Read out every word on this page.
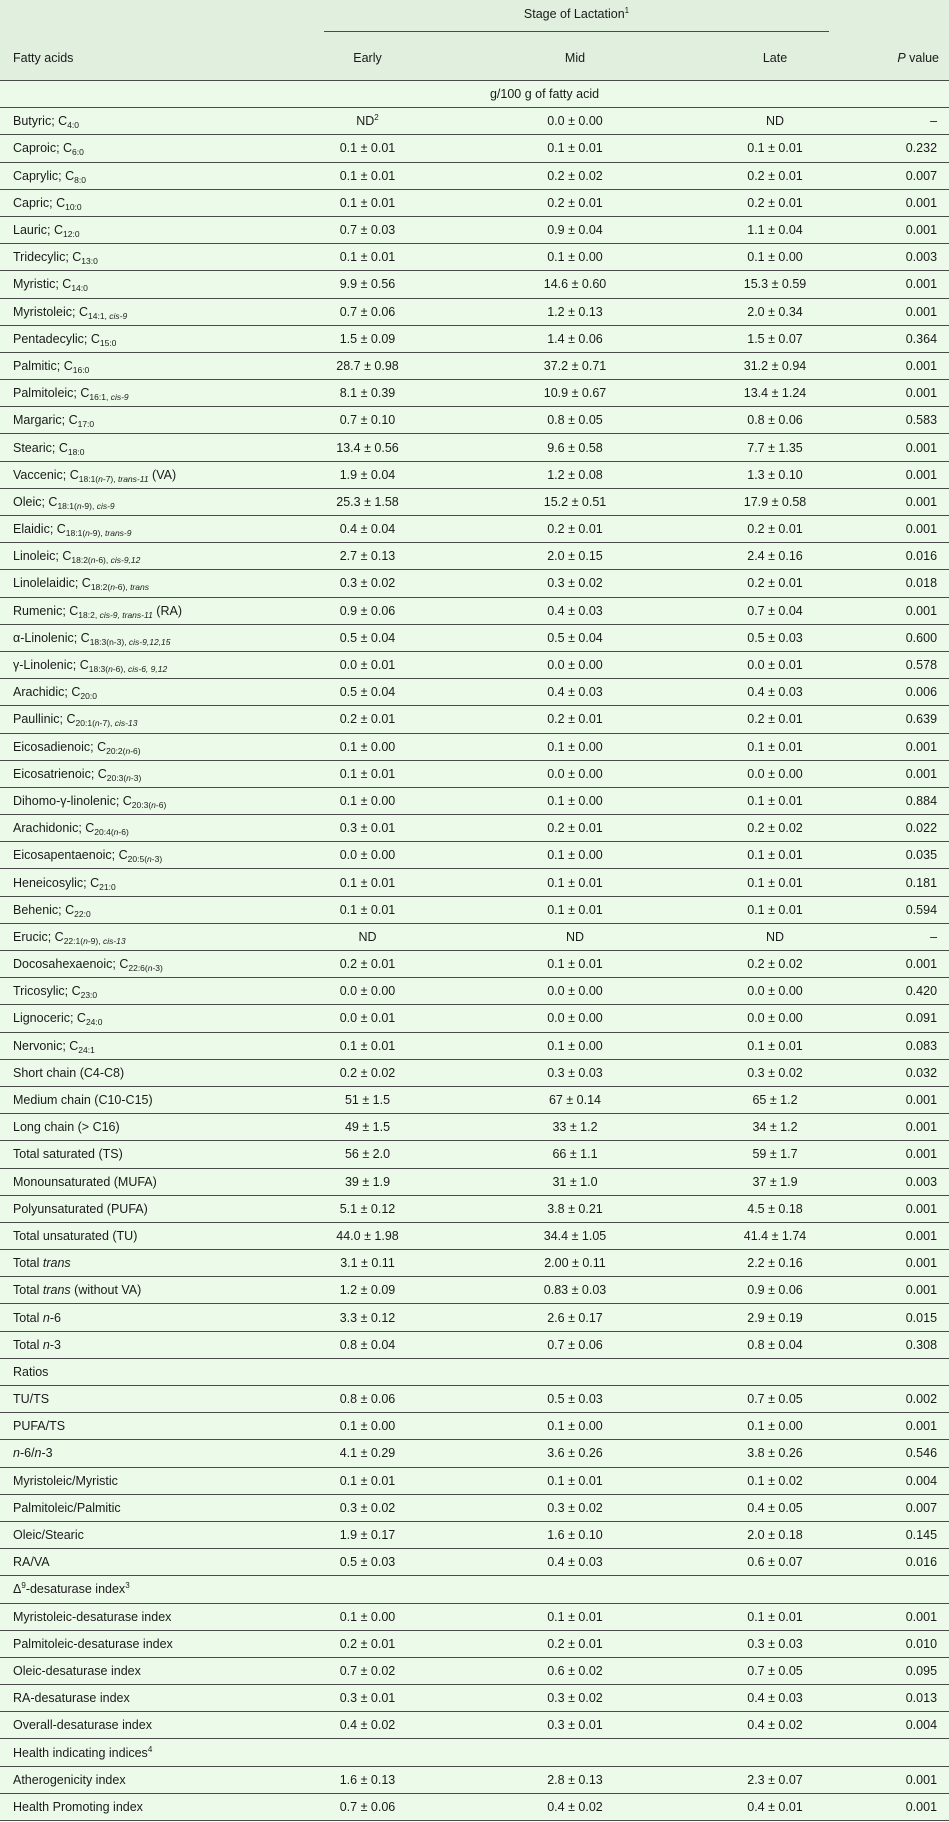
	Stage of Lactation$^1$

Fatty acids	Early	Mid	Late	P value
g/100 g of fatty acid				
Butyric; $C_{4:0}$	$ND^2$	0.0 ± 0.00	ND	–
Caproic; $C_{6:0}$	0.1 ± 0.01	0.1 ± 0.01	0.1 ± 0.01	0.232
Caprylic; $C_{8:0}$	0.1 ± 0.01	0.2 ± 0.02	0.2 ± 0.01	0.007
Capric; $C_{10:0}$	0.1 ± 0.01	0.2 ± 0.01	0.2 ± 0.01	0.001
Lauric; $C_{12:0}$	0.7 ± 0.03	0.9 ± 0.04	1.1 ± 0.04	0.001
Tridecylic; $C_{13:0}$	0.1 ± 0.01	0.1 ± 0.00	0.1 ± 0.00	0.003
Myristic; $C_{14:0}$	9.9 ± 0.56	14.6 ± 0.60	15.3 ± 0.59	0.001
Myristoleic; $C_{14:1,}$ $_{cis-9}$	0.7 ± 0.06	1.2 ± 0.13	2.0 ± 0.34	0.001
Pentadecylic; $C_{15:0}$	1.5 ± 0.09	1.4 ± 0.06	1.5 ± 0.07	0.364
Palmitic; $C_{16:0}$	28.7 ± 0.98	37.2 ± 0.71	31.2 ± 0.94	0.001
Palmitoleic; $C_{16:1,}$ $_{cis-9}$	8.1 ± 0.39	10.9 ± 0.67	13.4 ± 1.24	0.001
Margaric; $C_{17:0}$	0.7 ± 0.10	0.8 ± 0.05	0.8 ± 0.06	0.583
Stearic; $C_{18:0}$	13.4 ± 0.56	9.6 ± 0.58	7.7 ± 1.35	0.001
Vaccenic; $C_{18:1(n-7),}$ $_{trans-11}$ (VA)	1.9 ± 0.04	1.2 ± 0.08	1.3 ± 0.10	0.001
Oleic; $C_{18:1(n-9),}$ $_{cis-9}$	25.3 ± 1.58	15.2 ± 0.51	17.9 ± 0.58	0.001
Elaidic; $C_{18:1(n-9),}$ $_{trans-9}$	0.4 ± 0.04	0.2 ± 0.01	0.2 ± 0.01	0.001
Linoleic; $C_{18:2(n-6),}$ $_{cis-9,12}$	2.7 ± 0.13	2.0 ± 0.15	2.4 ± 0.16	0.016
Linolelaidic; $C_{18:2(n-6),}$ $_{trans}$	0.3 ± 0.02	0.3 ± 0.02	0.2 ± 0.01	0.018
Rumenic; $C_{18:2,}$ $_{cis-9, trans-11}$ (RA)	0.9 ± 0.06	0.4 ± 0.03	0.7 ± 0.04	0.001
α-Linolenic; $C_{18:3(n-3),}$ $_{cis-9,12,15}$	0.5 ± 0.04	0.5 ± 0.04	0.5 ± 0.03	0.600
γ-Linolenic; $C_{18:3(n-6),}$ $_{cis-6, 9,12}$	0.0 ± 0.01	0.0 ± 0.00	0.0 ± 0.01	0.578
Arachidic; $C_{20:0}$	0.5 ± 0.04	0.4 ± 0.03	0.4 ± 0.03	0.006
Paullinic; $C_{20:1(n-7),}$ $_{cis-13}$	0.2 ± 0.01	0.2 ± 0.01	0.2 ± 0.01	0.639
Eicosadienoic; $C_{20:2(n-6)}$	0.1 ± 0.00	0.1 ± 0.00	0.1 ± 0.01	0.001
Eicosatrienoic; $C_{20:3(n-3)}$	0.1 ± 0.01	0.0 ± 0.00	0.0 ± 0.00	0.001
Dihomo-γ-linolenic; $C_{20:3(n-6)}$	0.1 ± 0.00	0.1 ± 0.00	0.1 ± 0.01	0.884
Arachidonic; $C_{20:4(n-6)}$	0.3 ± 0.01	0.2 ± 0.01	0.2 ± 0.02	0.022
Eicosapentaenoic; $C_{20:5(n-3)}$	0.0 ± 0.00	0.1 ± 0.00	0.1 ± 0.01	0.035
Heneicosylic; $C_{21:0}$	0.1 ± 0.01	0.1 ± 0.01	0.1 ± 0.01	0.181
Behenic; $C_{22:0}$	0.1 ± 0.01	0.1 ± 0.01	0.1 ± 0.01	0.594
Erucic; $C_{22:1(n-9),}$ $_{cis-13}$	ND	ND	ND	–
Docosahexaenoic; $C_{22:6(n-3)}$	0.2 ± 0.01	0.1 ± 0.01	0.2 ± 0.02	0.001
Tricosylic; $C_{23:0}$	0.0 ± 0.00	0.0 ± 0.00	0.0 ± 0.00	0.420
Lignoceric; $C_{24:0}$	0.0 ± 0.01	0.0 ± 0.00	0.0 ± 0.00	0.091
Nervonic; $C_{24:1}$	0.1 ± 0.01	0.1 ± 0.00	0.1 ± 0.01	0.083
Short chain (C4-C8)	0.2 ± 0.02	0.3 ± 0.03	0.3 ± 0.02	0.032
Medium chain (C10-C15)	51 ± 1.5	67 ± 0.14	65 ± 1.2	0.001
Long chain (> C16)	49 ± 1.5	33 ± 1.2	34 ± 1.2	0.001
Total saturated (TS)	56 ± 2.0	66 ± 1.1	59 ± 1.7	0.001
Monounsaturated (MUFA)	39 ± 1.9	31 ± 1.0	37 ± 1.9	0.003
Polyunsaturated (PUFA)	5.1 ± 0.12	3.8 ± 0.21	4.5 ± 0.18	0.001
Total unsaturated (TU)	44.0 ± 1.98	34.4 ± 1.05	41.4 ± 1.74	0.001
Total trans	3.1 ± 0.11	2.00 ± 0.11	2.2 ± 0.16	0.001
Total trans (without VA)	1.2 ± 0.09	0.83 ± 0.03	0.9 ± 0.06	0.001
Total n-6	3.3 ± 0.12	2.6 ± 0.17	2.9 ± 0.19	0.015
Total n-3	0.8 ± 0.04	0.7 ± 0.06	0.8 ± 0.04	0.308
Ratios				
TU/TS	0.8 ± 0.06	0.5 ± 0.03	0.7 ± 0.05	0.002
PUFA/TS	0.1 ± 0.00	0.1 ± 0.00	0.1 ± 0.00	0.001
n-6/n-3	4.1 ± 0.29	3.6 ± 0.26	3.8 ± 0.26	0.546
Myristoleic/Myristic	0.1 ± 0.01	0.1 ± 0.01	0.1 ± 0.02	0.004
Palmitoleic/Palmitic	0.3 ± 0.02	0.3 ± 0.02	0.4 ± 0.05	0.007
Oleic/Stearic	1.9 ± 0.17	1.6 ± 0.10	2.0 ± 0.18	0.145
RA/VA	0.5 ± 0.03	0.4 ± 0.03	0.6 ± 0.07	0.016
$\Delta^9$-desaturase index$^3$
Myristoleic-desaturase index	0.1 ± 0.00	0.1 ± 0.01	0.1 ± 0.01	0.001
Palmitoleic-desaturase index	0.2 ± 0.01	0.2 ± 0.01	0.3 ± 0.03	0.010
Oleic-desaturase index	0.7 ± 0.02	0.6 ± 0.02	0.7 ± 0.05	0.095
RA-desaturase index	0.3 ± 0.01	0.3 ± 0.02	0.4 ± 0.03	0.013
Overall-desaturase index	0.4 ± 0.02	0.3 ± 0.01	0.4 ± 0.02	0.004
Health indicating indices$^4$
Atherogenicity index	1.6 ± 0.13	2.8 ± 0.13	2.3 ± 0.07	0.001
Health Promoting index	0.7 ± 0.06	0.4 ± 0.02	0.4 ± 0.01	0.001
